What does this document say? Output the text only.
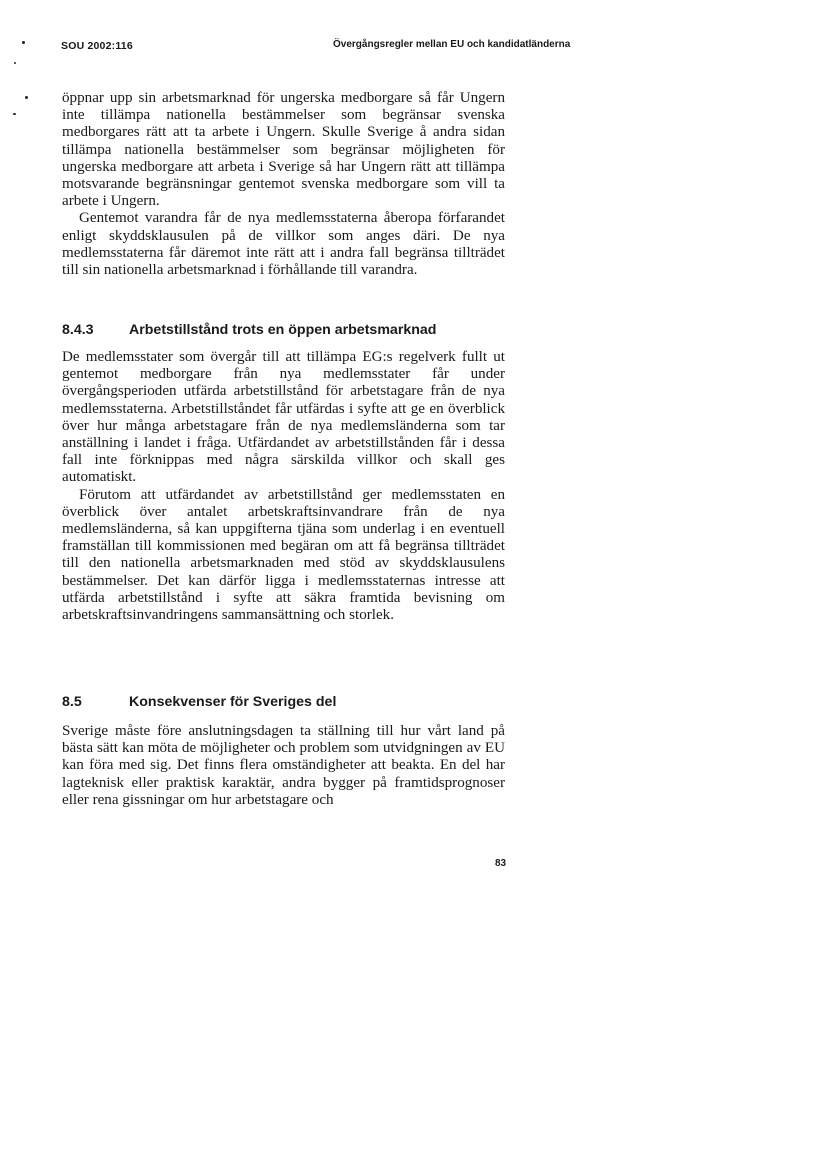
SOU 2002:116	Övergångsregler mellan EU och kandidatländerna

öppnar upp sin arbetsmarknad för ungerska medborgare så får Ungern inte tillämpa nationella bestämmelser som begränsar svenska medborgares rätt att ta arbete i Ungern. Skulle Sverige å andra sidan tillämpa nationella bestämmelser som begränsar möjligheten för ungerska medborgare att arbeta i Sverige så har Ungern rätt att tillämpa motsvarande begränsningar gentemot svenska medborgare som vill ta arbete i Ungern.

Gentemot varandra får de nya medlemsstaterna åberopa förfarandet enligt skyddsklausulen på de villkor som anges däri. De nya medlemsstaterna får däremot inte rätt att i andra fall begränsa tillträdet till sin nationella arbetsmarknad i förhållande till varandra.

8.4.3 Arbetstillstånd trots en öppen arbetsmarknad

De medlemsstater som övergår till att tillämpa EG:s regelverk fullt ut gentemot medborgare från nya medlemsstater får under övergångsperioden utfärda arbetstillstånd för arbetstagare från de nya medlemsstaterna. Arbetstillståndet får utfärdas i syfte att ge en överblick över hur många arbetstagare från de nya medlemsländerna som tar anställning i landet i fråga. Utfärdandet av arbetstillstånden får i dessa fall inte förknippas med några särskilda villkor och skall ges automatiskt.

Förutom att utfärdandet av arbetstillstånd ger medlemsstaten en överblick över antalet arbetskraftsinvandrare från de nya medlemsländerna, så kan uppgifterna tjäna som underlag i en eventuell framställan till kommissionen med begäran om att få begränsa tillträdet till den nationella arbetsmarknaden med stöd av skyddsklausulens bestämmelser. Det kan därför ligga i medlemsstaternas intresse att utfärda arbetstillstånd i syfte att säkra framtida bevisning om arbetskraftsinvandringens sammansättning och storlek.

8.5	Konsekvenser för Sveriges del

Sverige måste före anslutningsdagen ta ställning till hur vårt land på bästa sätt kan möta de möjligheter och problem som utvidgningen av EU kan föra med sig. Det finns flera omständigheter att beakta. En del har lagteknisk eller praktisk karaktär, andra bygger på framtidsprognoser eller rena gissningar om hur arbetstagare och

83
